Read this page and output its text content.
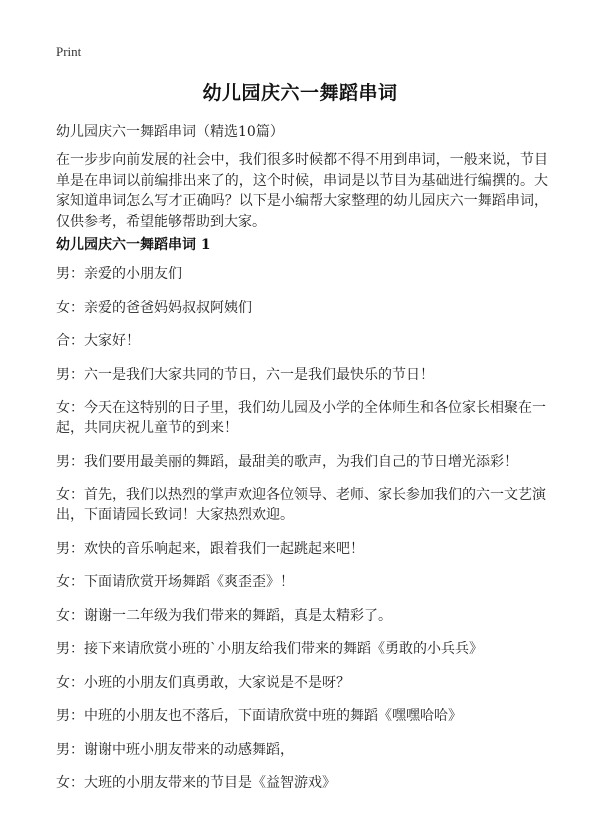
Print
幼儿园庆六一舞蹈串词
幼儿园庆六一舞蹈串词（精选10篇）
在一步步向前发展的社会中，我们很多时候都不得不用到串词，一般来说，节目单是在串词以前编排出来了的，这个时候，串词是以节目为基础进行编撰的。大家知道串词怎么写才正确吗？以下是小编帮大家整理的幼儿园庆六一舞蹈串词，仅供参考，希望能够帮助到大家。
幼儿园庆六一舞蹈串词 1

男：亲爱的小朋友们

女：亲爱的爸爸妈妈叔叔阿姨们

合：大家好！

男：六一是我们大家共同的节日，六一是我们最快乐的节日！

女：今天在这特别的日子里，我们幼儿园及小学的全体师生和各位家长相聚在一起，共同庆祝儿童节的到来！

男：我们要用最美丽的舞蹈，最甜美的歌声，为我们自己的节日增光添彩！

女：首先，我们以热烈的掌声欢迎各位领导、老师、家长参加我们的六一文艺演出，下面请园长致词！大家热烈欢迎。

男：欢快的音乐响起来，跟着我们一起跳起来吧！

女：下面请欣赏开场舞蹈《爽歪歪》！

女：谢谢一二年级为我们带来的舞蹈，真是太精彩了。

男：接下来请欣赏小班的`小朋友给我们带来的舞蹈《勇敢的小兵兵》

女：小班的小朋友们真勇敢，大家说是不是呀？

男：中班的小朋友也不落后，下面请欣赏中班的舞蹈《嘿嘿哈哈》

男：谢谢中班小朋友带来的动感舞蹈，

女：大班的小朋友带来的节目是《益智游戏》
